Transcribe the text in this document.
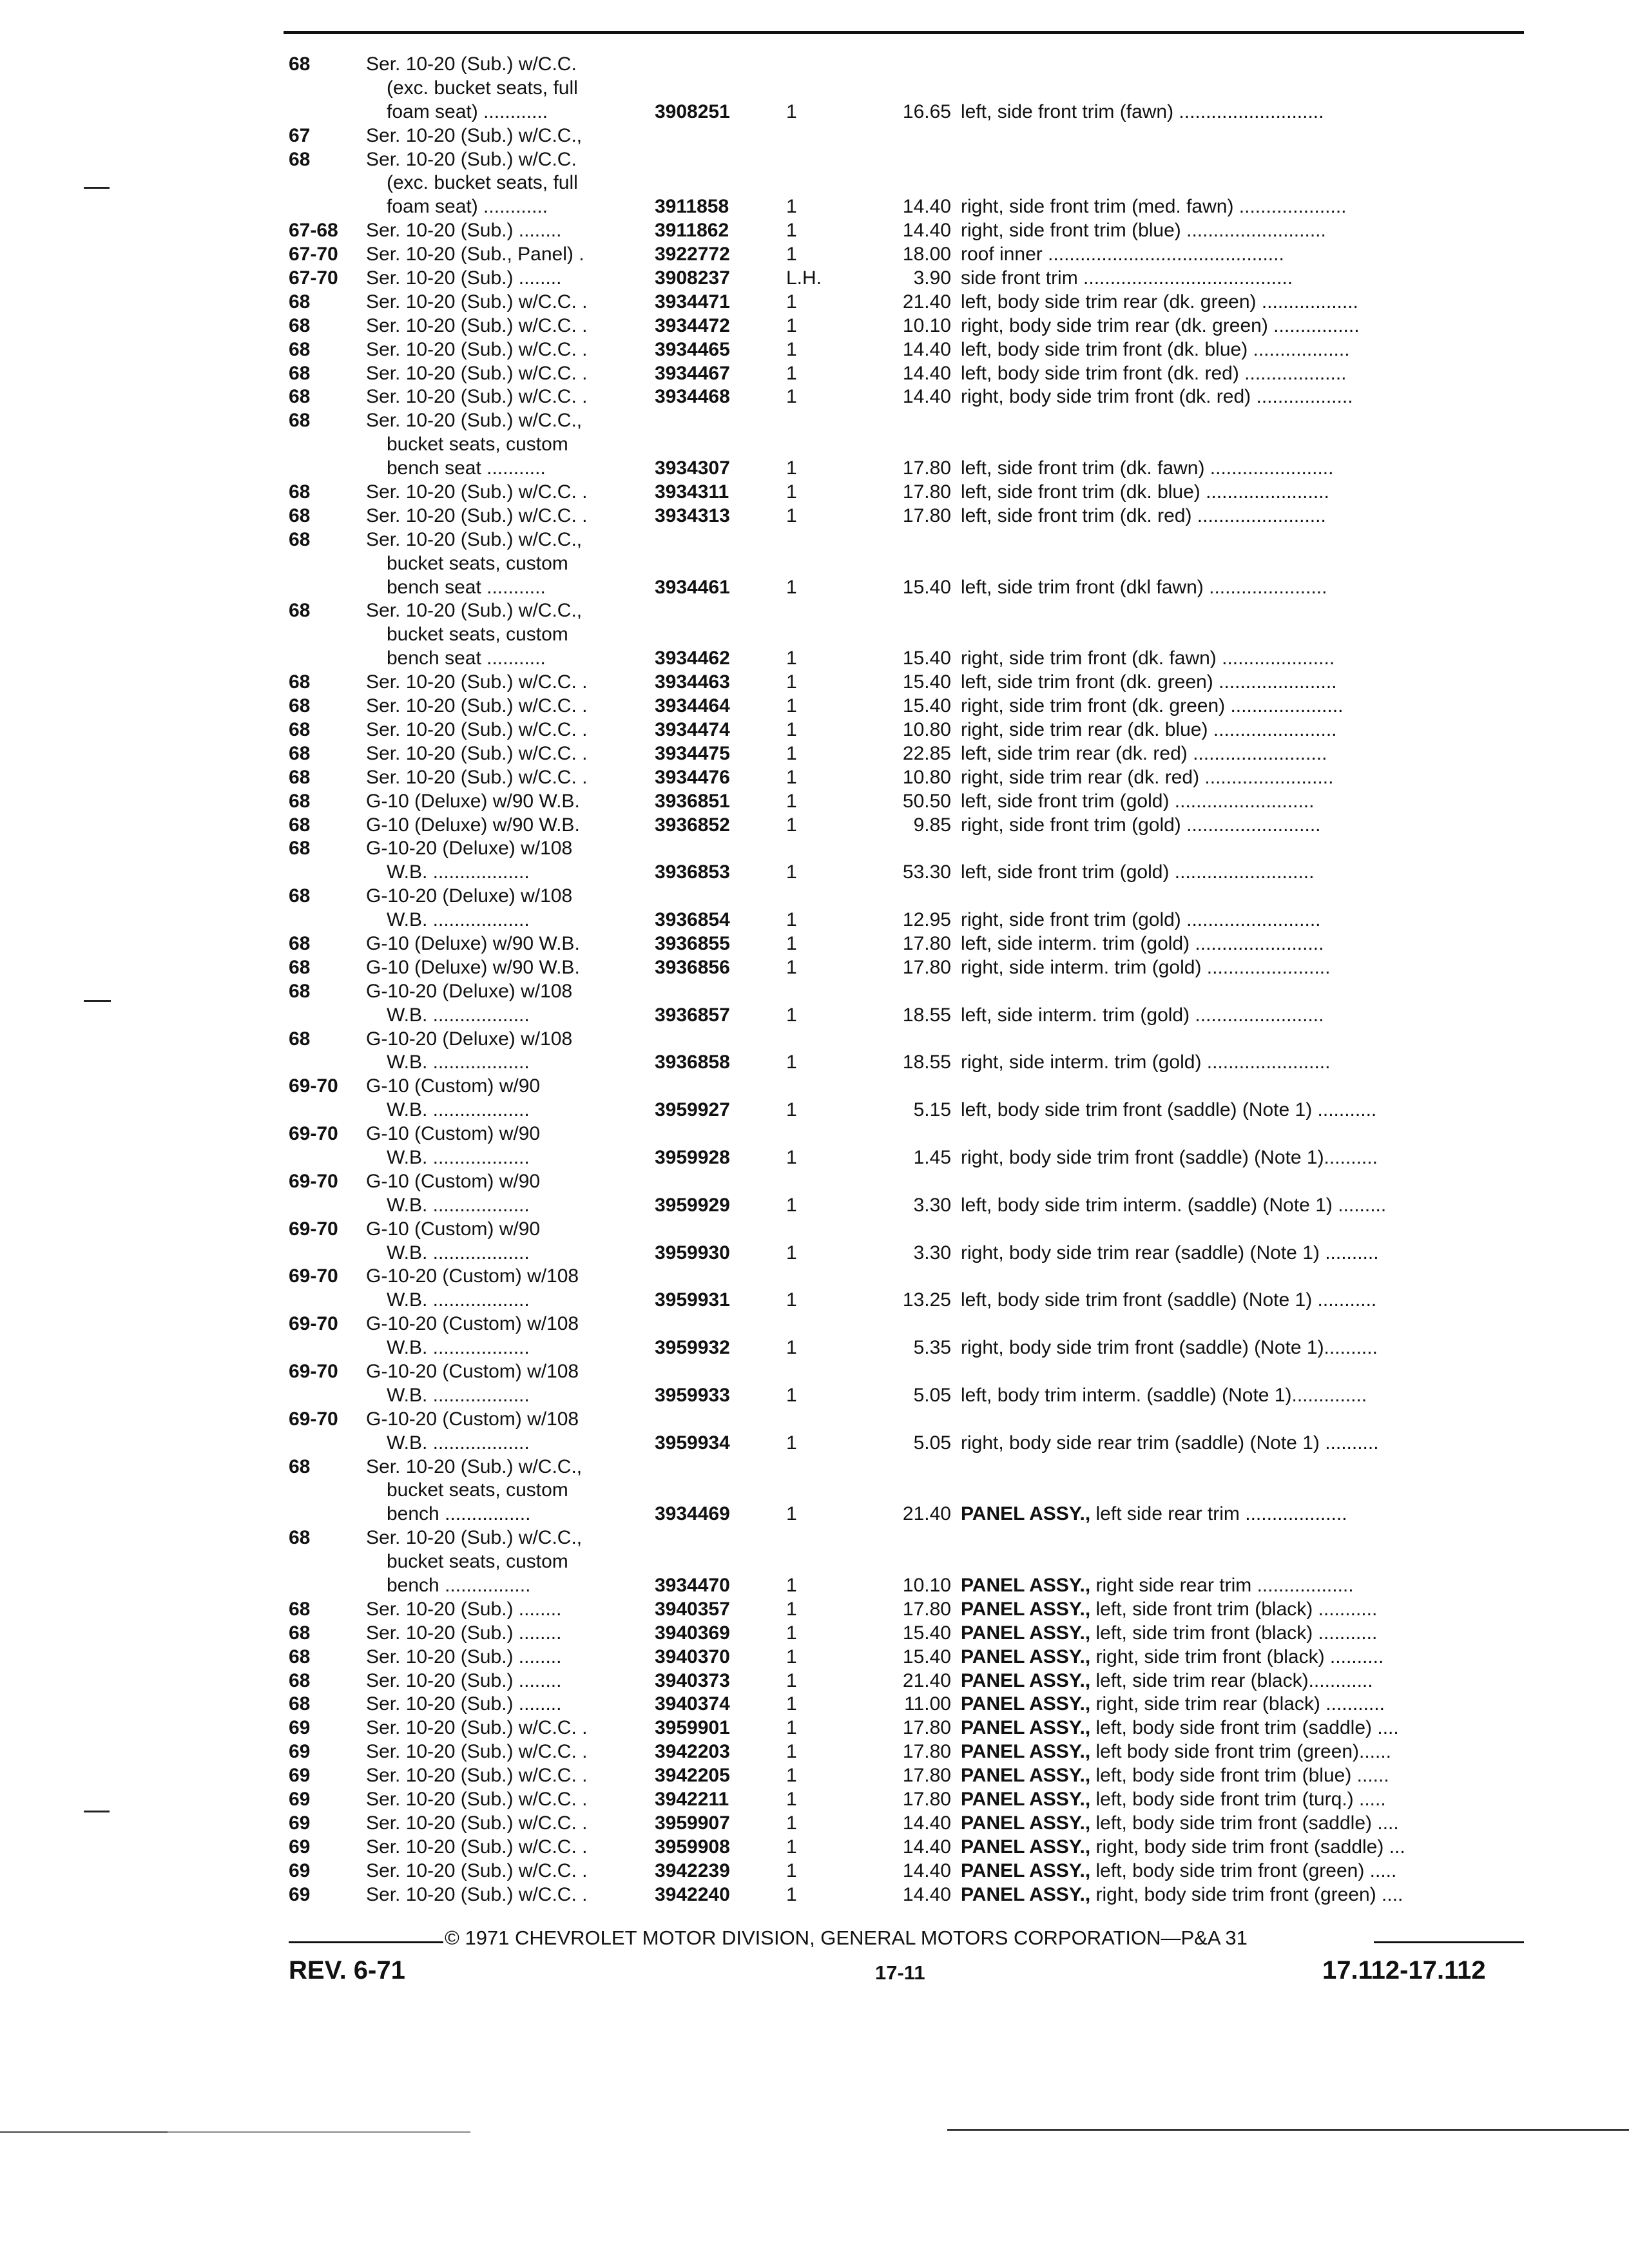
68	Ser. 10-20 (Sub.) w/C.C.
(exc. bucket seats, full
foam seat) ............	3908251	1	16.65 left, side front trim (fawn) ...........................
67	Ser. 10-20 (Sub.) w/C.C.,
68	Ser. 10-20 (Sub.) w/C.C.
(exc. bucket seats, full
foam seat) ............	3911858	1	14.40 right, side front trim (med. fawn) ....................
67-68 Ser. 10-20 (Sub.) ........	3911862	1	14.40 right, side front trim (blue) ..........................
67-70 Ser. 10-20 (Sub., Panel) .	3922772	1	18.00 roof inner ............................................
67-70 Ser. 10-20 (Sub.) ........	3908237	L.H.	3.90 side front trim .......................................
68	Ser. 10-20 (Sub.) w/C.C. .	3934471	1	21.40 left, body side trim rear (dk. green) ..................
68	Ser. 10-20 (Sub.) w/C.C. .	3934472	1	10.10 right, body side trim rear (dk. green) ................
68	Ser. 10-20 (Sub.) w/C.C. .	3934465	1	14.40 left, body side trim front (dk. blue) ..................
68	Ser. 10-20 (Sub.) w/C.C. .	3934467	1	14.40 left, body side trim front (dk. red) ...................
68	Ser. 10-20 (Sub.) w/C.C. .	3934468	1	14.40 right, body side trim front (dk. red) ..................
68	Ser. 10-20 (Sub.) w/C.C.,
bucket seats, custom
bench seat ...........	3934307	1	17.80 left, side front trim (dk. fawn) .......................
68	Ser. 10-20 (Sub.) w/C.C. .	3934311	1	17.80 left, side front trim (dk. blue) .......................
68	Ser. 10-20 (Sub.) w/C.C. .	3934313	1	17.80 left, side front trim (dk. red) ........................
68	Ser. 10-20 (Sub.) w/C.C.,
bucket seats, custom
bench seat ...........	3934461	1	15.40 left, side trim front (dkl fawn) ......................
68	Ser. 10-20 (Sub.) w/C.C.,
bucket seats, custom
bench seat ...........	3934462	1	15.40 right, side trim front (dk. fawn) .....................
68	Ser. 10-20 (Sub.) w/C.C. .	3934463	1	15.40 left, side trim front (dk. green) ......................
68	Ser. 10-20 (Sub.) w/C.C. .	3934464	1	15.40 right, side trim front (dk. green) .....................
68	Ser. 10-20 (Sub.) w/C.C. .	3934474	1	10.80 right, side trim rear (dk. blue) .......................
68	Ser. 10-20 (Sub.) w/C.C. .	3934475	1	22.85 left, side trim rear (dk. red) .........................
68	Ser. 10-20 (Sub.) w/C.C. .	3934476	1	10.80 right, side trim rear (dk. red) ........................
68	G-10 (Deluxe) w/90 W.B.	3936851	1	50.50 left, side front trim (gold) ..........................
68	G-10 (Deluxe) w/90 W.B.	3936852	1	9.85 right, side front trim (gold) .........................
68	G-10-20 (Deluxe) w/108
W.B. ..................	3936853	1	53.30 left, side front trim (gold) ..........................
68	G-10-20 (Deluxe) w/108
W.B. ..................	3936854	1	12.95 right, side front trim (gold) .........................
68	G-10 (Deluxe) w/90 W.B.	3936855	1	17.80 left, side interm. trim (gold) ........................
68	G-10 (Deluxe) w/90 W.B.	3936856	1	17.80 right, side interm. trim (gold) .......................
68	G-10-20 (Deluxe) w/108
W.B. ..................	3936857	1	18.55 left, side interm. trim (gold) ........................
68	G-10-20 (Deluxe) w/108
W.B. ..................	3936858	1	18.55 right, side interm. trim (gold) .......................
69-70 G-10 (Custom) w/90
W.B. ..................	3959927	1	5.15 left, body side trim front (saddle) (Note 1) ...........
69-70 G-10 (Custom) w/90
W.B. ..................	3959928	1	1.45 right, body side trim front (saddle) (Note 1)..........
69-70 G-10 (Custom) w/90
W.B. ..................	3959929	1	3.30 left, body side trim interm. (saddle) (Note 1) .........
69-70 G-10 (Custom) w/90
W.B. ..................	3959930	1	3.30 right, body side trim rear (saddle) (Note 1) ..........
69-70 G-10-20 (Custom) w/108
W.B. ..................	3959931	1	13.25 left, body side trim front (saddle) (Note 1) ...........
69-70 G-10-20 (Custom) w/108
W.B. ..................	3959932	1	5.35 right, body side trim front (saddle) (Note 1)..........
69-70 G-10-20 (Custom) w/108
W.B. ..................	3959933	1	5.05 left, body trim interm. (saddle) (Note 1)..............
69-70 G-10-20 (Custom) w/108
W.B. ..................	3959934	1	5.05 right, body side rear trim (saddle) (Note 1) ..........
68	Ser. 10-20 (Sub.) w/C.C.,
bucket seats, custom
bench ................	3934469	1	21.40 PANEL ASSY., left side rear trim ...................
68	Ser. 10-20 (Sub.) w/C.C.,
bucket seats, custom
bench ................	3934470	1	10.10 PANEL ASSY., right side rear trim ..................
68	Ser. 10-20 (Sub.) ........	3940357	1	17.80 PANEL ASSY., left, side front trim (black) ...........
68	Ser. 10-20 (Sub.) ........	3940369	1	15.40 PANEL ASSY., left, side trim front (black) ...........
68	Ser. 10-20 (Sub.) ........	3940370	1	15.40 PANEL ASSY., right, side trim front (black) ..........
68	Ser. 10-20 (Sub.) ........	3940373	1	21.40 PANEL ASSY., left, side trim rear (black)............
68	Ser. 10-20 (Sub.) ........	3940374	1	11.00 PANEL ASSY., right, side trim rear (black) ...........
69	Ser. 10-20 (Sub.) w/C.C. .	3959901	1	17.80 PANEL ASSY., left, body side front trim (saddle) ....
69	Ser. 10-20 (Sub.) w/C.C. .	3942203	1	17.80 PANEL ASSY., left body side front trim (green)......
69	Ser. 10-20 (Sub.) w/C.C. .	3942205	1	17.80 PANEL ASSY., left, body side front trim (blue) ......
69	Ser. 10-20 (Sub.) w/C.C. .	3942211	1	17.80 PANEL ASSY., left, body side front trim (turq.) .....
69	Ser. 10-20 (Sub.) w/C.C. .	3959907	1	14.40 PANEL ASSY., left, body side trim front (saddle) ....
69	Ser. 10-20 (Sub.) w/C.C. .	3959908	1	14.40 PANEL ASSY., right, body side trim front (saddle) ...
69	Ser. 10-20 (Sub.) w/C.C. .	3942239	1	14.40 PANEL ASSY., left, body side trim front (green) .....
69	Ser. 10-20 (Sub.) w/C.C. .	3942240	1	14.40 PANEL ASSY., right, body side trim front (green) ....
© 1971 CHEVROLET MOTOR DIVISION, GENERAL MOTORS CORPORATION—P&A 31
REV. 6-71	17-11	17.112-17.112
